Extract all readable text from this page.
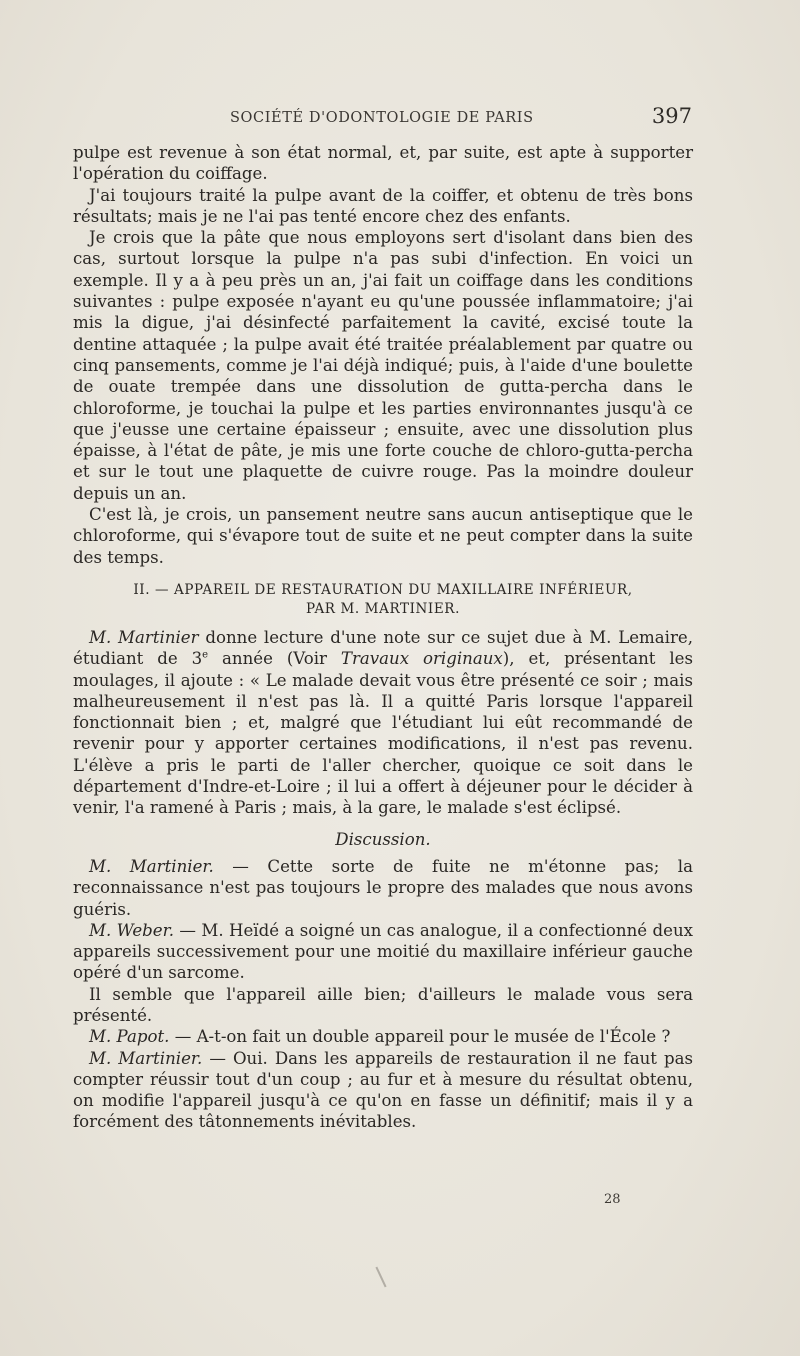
SOCIÉTÉ D'ODONTOLOGIE DE PARIS	397

pulpe est revenue à son état normal, et, par suite, est apte à supporter l'opération du coiffage.

J'ai toujours traité la pulpe avant de la coiffer, et obtenu de très bons résultats; mais je ne l'ai pas tenté encore chez des enfants.

Je crois que la pâte que nous employons sert d'isolant dans bien des cas, surtout lorsque la pulpe n'a pas subi d'infection. En voici un exemple. Il y a à peu près un an, j'ai fait un coiffage dans les conditions suivantes : pulpe exposée n'ayant eu qu'une poussée inflammatoire; j'ai mis la digue, j'ai désinfecté parfaitement la cavité, excisé toute la dentine attaquée ; la pulpe avait été traitée préalablement par quatre ou cinq pansements, comme je l'ai déjà indiqué; puis, à l'aide d'une boulette de ouate trempée dans une dissolution de gutta-percha dans le chloroforme, je touchai la pulpe et les parties environnantes jusqu'à ce que j'eusse une certaine épaisseur ; ensuite, avec une dissolution plus épaisse, à l'état de pâte, je mis une forte couche de chloro-gutta-percha et sur le tout une plaquette de cuivre rouge. Pas la moindre douleur depuis un an.

C'est là, je crois, un pansement neutre sans aucun antiseptique que le chloroforme, qui s'évapore tout de suite et ne peut compter dans la suite des temps.

II. — APPAREIL DE RESTAURATION DU MAXILLAIRE INFÉRIEUR,
PAR M. MARTINIER.

M. Martinier donne lecture d'une note sur ce sujet due à M. Lemaire, étudiant de 3e année (Voir Travaux originaux), et, présentant les moulages, il ajoute : « Le malade devait vous être présenté ce soir ; mais malheureusement il n'est pas là. Il a quitté Paris lorsque l'appareil fonctionnait bien ; et, malgré que l'étudiant lui eût recommandé de revenir pour y apporter certaines modifications, il n'est pas revenu. L'élève a pris le parti de l'aller chercher, quoique ce soit dans le département d'Indre-et-Loire ; il lui a offert à déjeuner pour le décider à venir, l'a ramené à Paris ; mais, à la gare, le malade s'est éclipsé.

Discussion.

M. Martinier. — Cette sorte de fuite ne m'étonne pas; la reconnaissance n'est pas toujours le propre des malades que nous avons guéris.

M. Weber. — M. Heïdé a soigné un cas analogue, il a confectionné deux appareils successivement pour une moitié du maxillaire inférieur gauche opéré d'un sarcome.

Il semble que l'appareil aille bien; d'ailleurs le malade vous sera présenté.

M. Papot. — A-t-on fait un double appareil pour le musée de l'École ?

M. Martinier. — Oui. Dans les appareils de restauration il ne faut pas compter réussir tout d'un coup ; au fur et à mesure du résultat obtenu, on modifie l'appareil jusqu'à ce qu'on en fasse un définitif; mais il y a forcément des tâtonnements inévitables.

28
